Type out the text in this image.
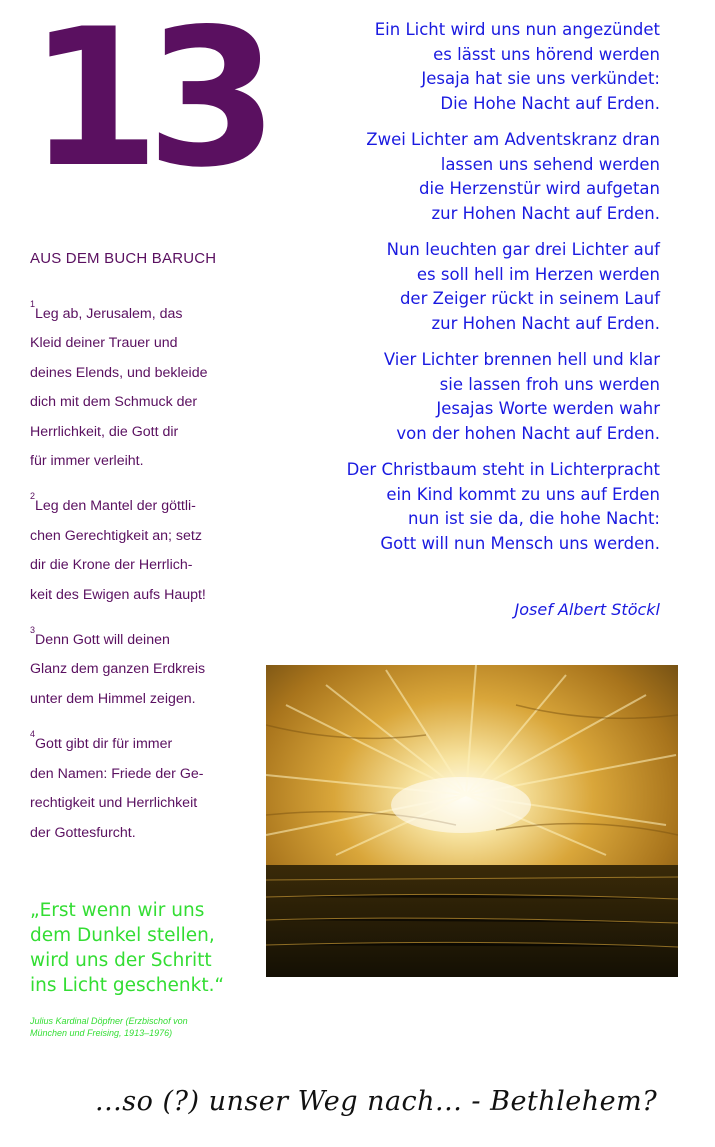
13
AUS DEM BUCH BARUCH
$^1$Leg ab, Jerusalem, das
Kleid deiner Trauer und
deines Elends, und bekleide
dich mit dem Schmuck der
Herrlichkeit, die Gott dir
für immer verleiht.
$^2$Leg den Mantel der göttli-
chen Gerechtigkeit an; setz
dir die Krone der Herrlich-
keit des Ewigen aufs Haupt!
$^3$Denn Gott will deinen
Glanz dem ganzen Erdkreis
unter dem Himmel zeigen.
$^4$Gott gibt dir für immer
den Namen: Friede der Ge-
rechtigkeit und Herrlichkeit
der Gottesfurcht.
„Erst wenn wir uns
dem Dunkel stellen,
wird uns der Schritt
ins Licht geschenkt.“
Julius Kardinal Döpfner (Erzbischof von
München und Freising, 1913–1976)
Ein Licht wird uns nun angezündet
es lässt uns hörend werden
Jesaja hat sie uns verkündet:
Die Hohe Nacht auf Erden.
Zwei Lichter am Adventskranz dran
lassen uns sehend werden
die Herzenstür wird aufgetan
zur Hohen Nacht auf Erden.
Nun leuchten gar drei Lichter auf
es soll hell im Herzen werden
der Zeiger rückt in seinem Lauf
zur Hohen Nacht auf Erden.
Vier Lichter brennen hell und klar
sie lassen froh uns werden
Jesajas Worte werden wahr
von der hohen Nacht auf Erden.
Der Christbaum steht in Lichterpracht
ein Kind kommt zu uns auf Erden
nun ist sie da, die hohe Nacht:
Gott will nun Mensch uns werden.
Josef Albert Stöckl
...so (?) unser Weg nach... - Bethlehem?
